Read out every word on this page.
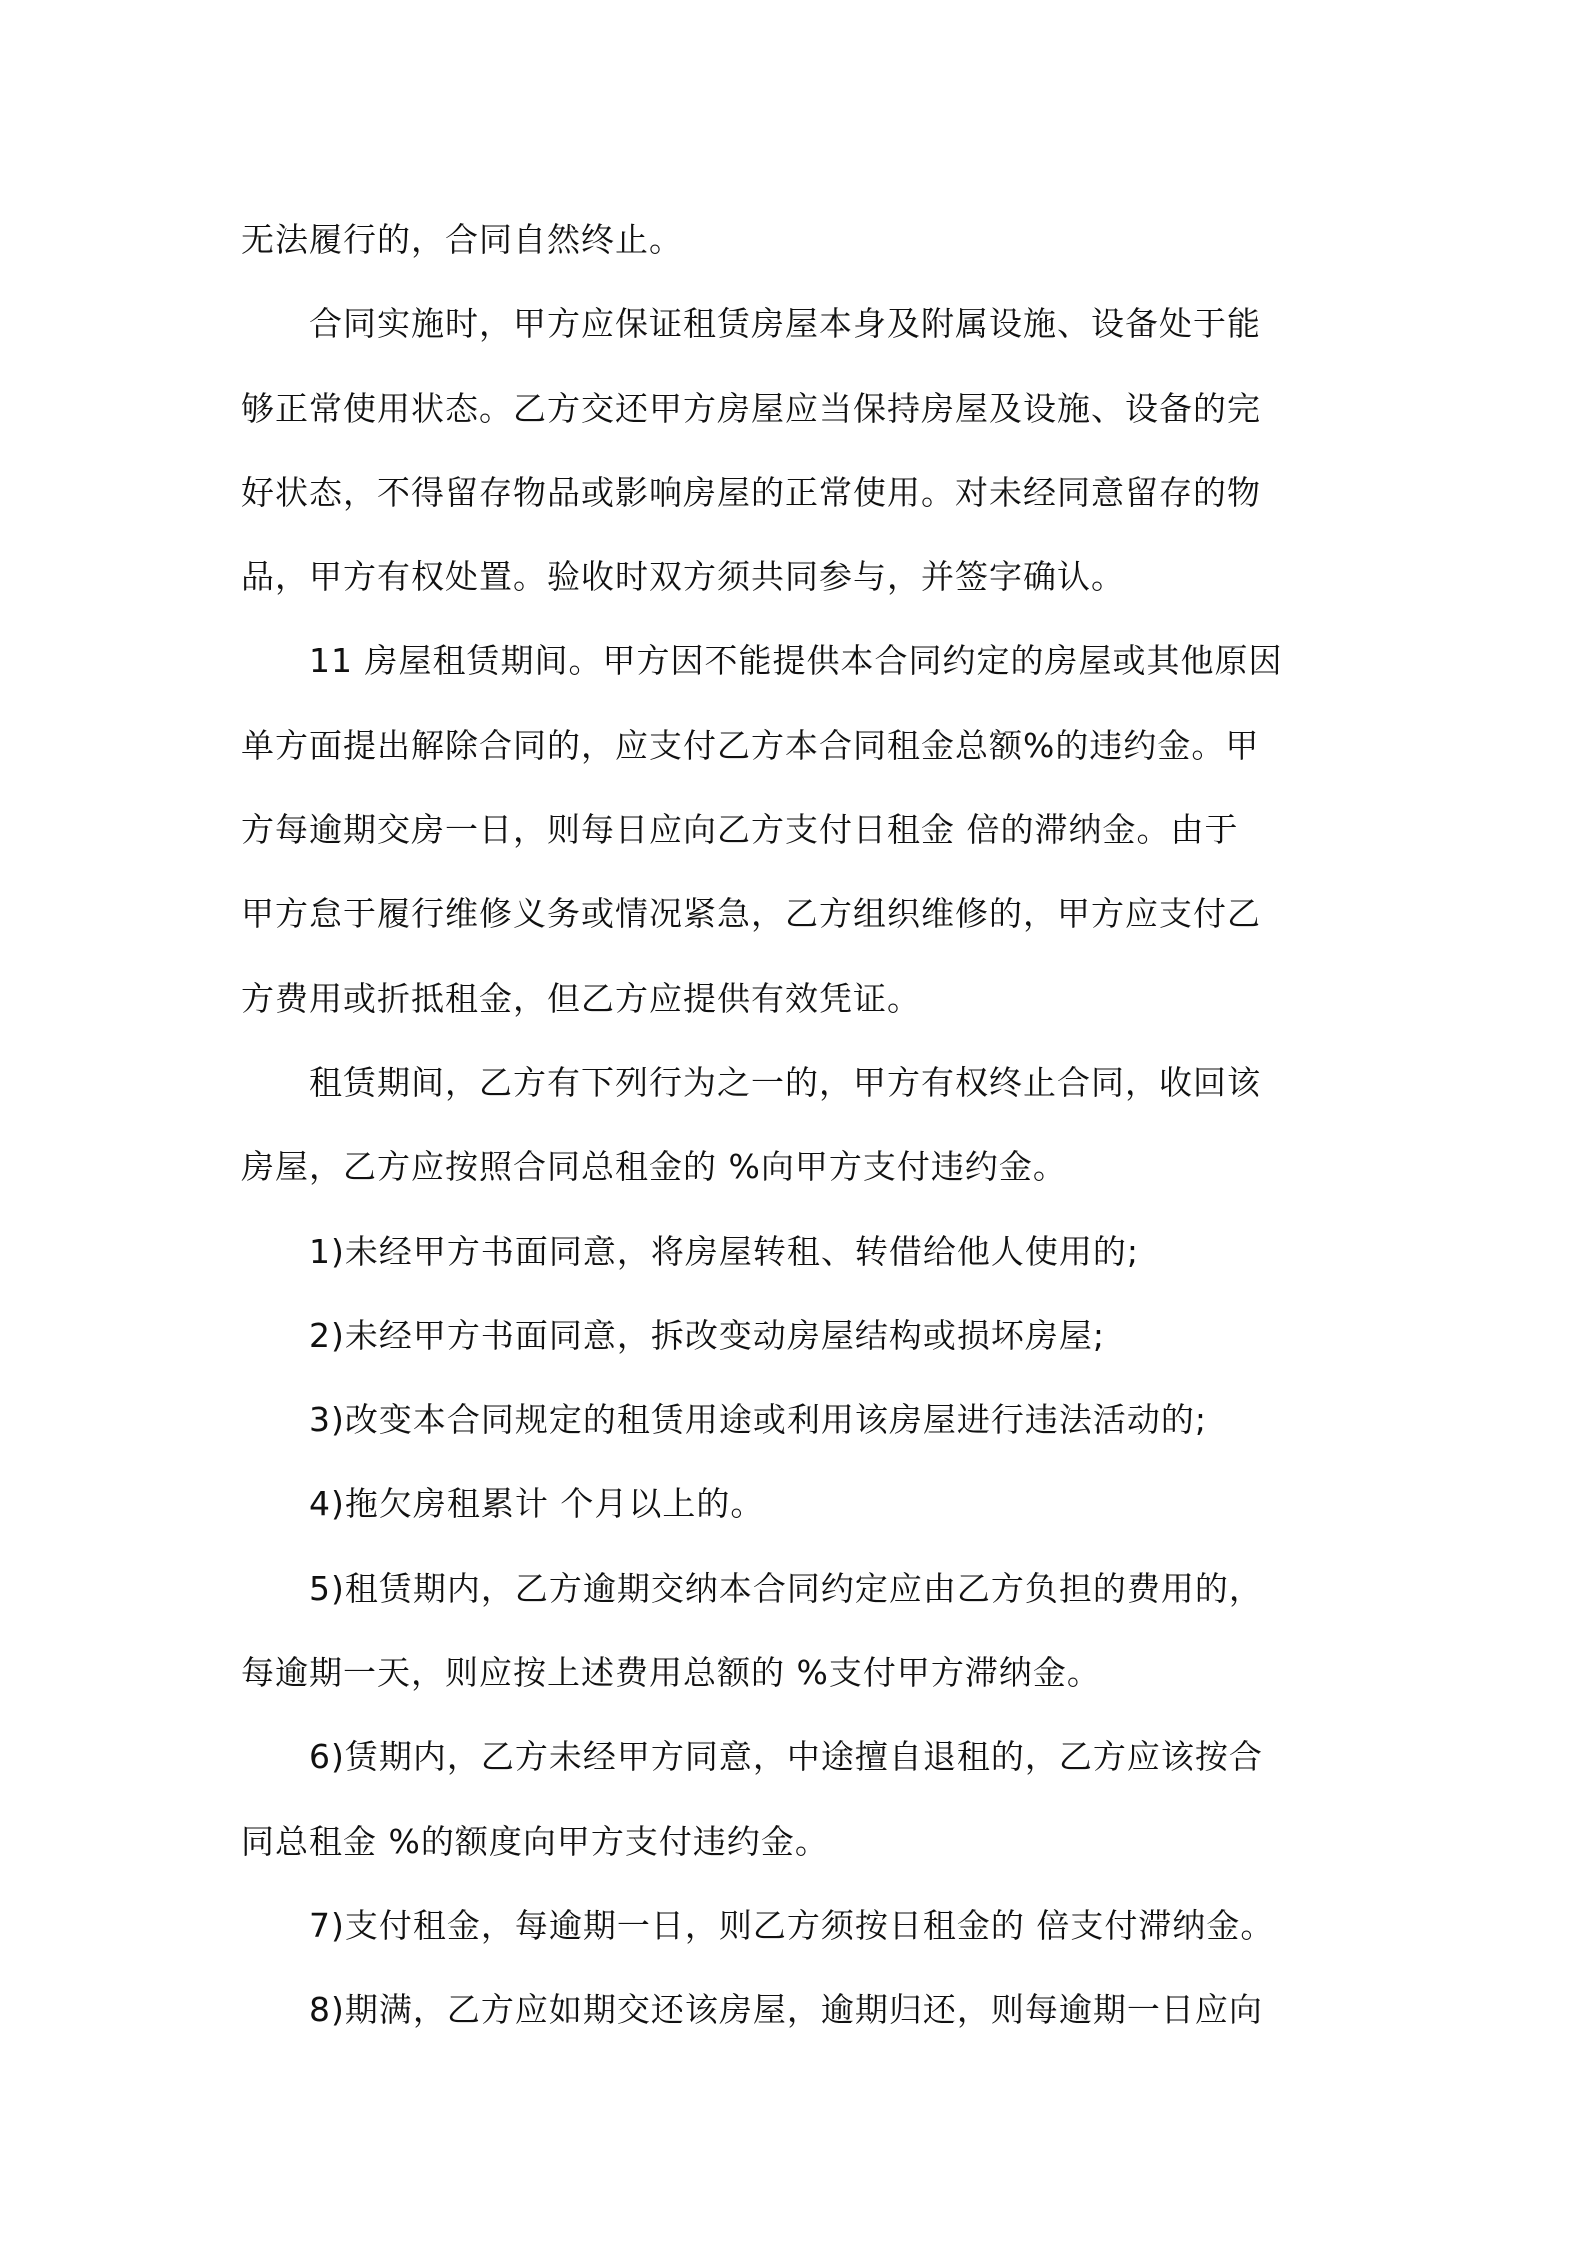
无法履行的，合同自然终止。
　　合同实施时，甲方应保证租赁房屋本身及附属设施、设备处于能
够正常使用状态。乙方交还甲方房屋应当保持房屋及设施、设备的完
好状态，不得留存物品或影响房屋的正常使用。对未经同意留存的物
品，甲方有权处置。验收时双方须共同参与，并签字确认。
　　11 房屋租赁期间。甲方因不能提供本合同约定的房屋或其他原因
单方面提出解除合同的，应支付乙方本合同租金总额%的违约金。甲
方每逾期交房一日，则每日应向乙方支付日租金 倍的滞纳金。由于
甲方怠于履行维修义务或情况紧急，乙方组织维修的，甲方应支付乙
方费用或折抵租金，但乙方应提供有效凭证。
　　租赁期间，乙方有下列行为之一的，甲方有权终止合同，收回该
房屋，乙方应按照合同总租金的 %向甲方支付违约金。
　　1)未经甲方书面同意，将房屋转租、转借给他人使用的;
　　2)未经甲方书面同意，拆改变动房屋结构或损坏房屋;
　　3)改变本合同规定的租赁用途或利用该房屋进行违法活动的;
　　4)拖欠房租累计 个月以上的。
　　5)租赁期内，乙方逾期交纳本合同约定应由乙方负担的费用的，
每逾期一天，则应按上述费用总额的 %支付甲方滞纳金。
　　6)赁期内，乙方未经甲方同意，中途擅自退租的，乙方应该按合
同总租金 %的额度向甲方支付违约金。
　　7)支付租金，每逾期一日，则乙方须按日租金的 倍支付滞纳金。
　　8)期满，乙方应如期交还该房屋，逾期归还，则每逾期一日应向
